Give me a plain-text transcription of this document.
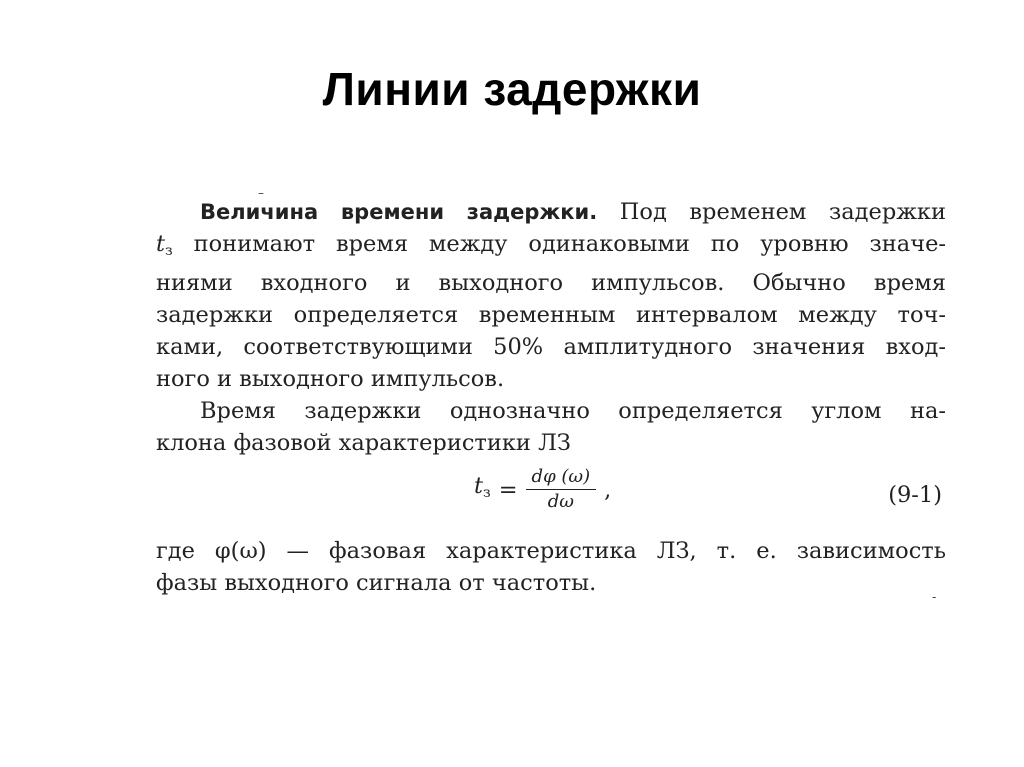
Линии задержки
–
Величина времени задержки. Под временем задержки
$t_з$ понимают время между одинаковыми по уровню значе-
ниями входного и выходного импульсов. Обычно время
задержки определяется временным интервалом между точ-
ками, соответствующими 50% амплитудного значения вход-
ного и выходного импульсов.
Время задержки однозначно определяется углом на-
клона фазовой характеристики ЛЗ
$t_з = \frac{d\varphi (\omega)}{d\omega}$ ,	(9-1)
где φ(ω) — фазовая характеристика ЛЗ, т. е. зависимость
фазы выходного сигнала от частоты.
-
